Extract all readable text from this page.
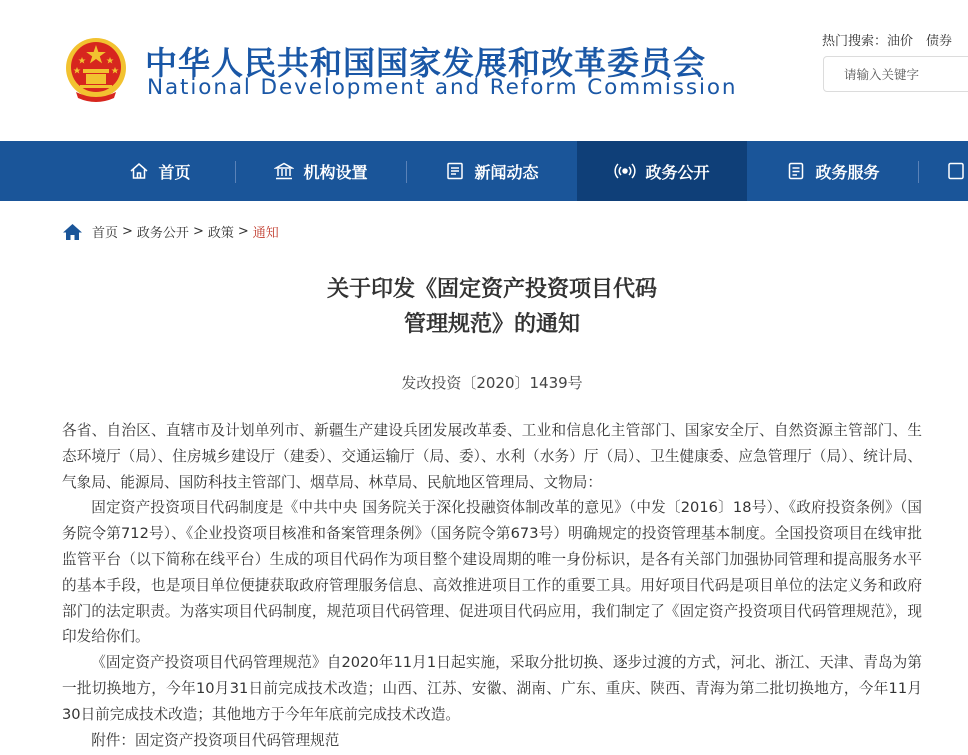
中华人民共和国国家发展和改革委员会
National Development and Reform Commission
热门搜索：油价 债券
请输入关键字
首页	机构设置	新闻动态	政务公开	政务服务
首页 > 政务公开 > 政策 > 通知
关于印发《固定资产投资项目代码
管理规范》的通知
发改投资〔2020〕1439号

各省、自治区、直辖市及计划单列市、新疆生产建设兵团发展改革委、工业和信息化主管部门、国家安全厅、自然资源主管部门、生态环境厅（局）、住房城乡建设厅（建委）、交通运输厅（局、委）、水利（水务）厅（局）、卫生健康委、应急管理厅（局）、统计局、气象局、能源局、国防科技主管部门、烟草局、林草局、民航地区管理局、文物局：

固定资产投资项目代码制度是《中共中央 国务院关于深化投融资体制改革的意见》（中发〔2016〕18号）、《政府投资条例》（国务院令第712号）、《企业投资项目核准和备案管理条例》（国务院令第673号）明确规定的投资管理基本制度。全国投资项目在线审批监管平台（以下简称在线平台）生成的项目代码作为项目整个建设周期的唯一身份标识，是各有关部门加强协同管理和提高服务水平的基本手段，也是项目单位便捷获取政府管理服务信息、高效推进项目工作的重要工具。用好项目代码是项目单位的法定义务和政府部门的法定职责。为落实项目代码制度，规范项目代码管理、促进项目代码应用，我们制定了《固定资产投资项目代码管理规范》，现印发给你们。

《固定资产投资项目代码管理规范》自2020年11月1日起实施，采取分批切换、逐步过渡的方式，河北、浙江、天津、青岛为第一批切换地方，今年10月31日前完成技术改造；山西、江苏、安徽、湖南、广东、重庆、陕西、青海为第二批切换地方，今年11月30日前完成技术改造；其他地方于今年年底前完成技术改造。

附件：固定资产投资项目代码管理规范
